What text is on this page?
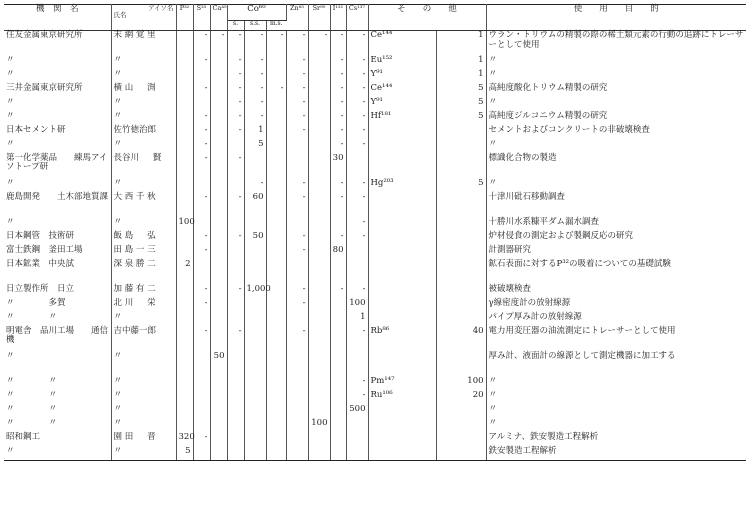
機　関　名	アイソ名
氏名	P³²	S³⁵	Ca⁴⁵	Co⁶⁰			Zn⁶⁵	Sr⁹⁰	I¹³¹	Cs¹³⁷	そ　　の　　他		使　　用　　目　　的
					s.	s.s.	m.s.							
住友金属東京研究所	末 網 覚 里		-	-	-	-	-	-	-	-	-	Ce¹⁴⁴	1	ウラン・トリウムの精製の際の稀土類元素の行動の追跡にトレーサーとして使用
〃	〃		-		-	-		-		-	-	Eu¹⁵²	1	〃
〃	〃				-	-		-		-	-	Y⁹¹	1	〃
三井金属東京研究所	横 山 　 渕		-		-	-	-	-		-	-	Ce¹⁴⁴	5	高純度酸化トリウム精製の研究
〃	〃				-	-		-		-	-	Y⁹¹	5	〃
〃	〃		-		-	-		-		-	-	Hf¹⁸¹	5	高純度ジルコニウム精製の研究
日本セメント研	佐竹徳治郎		-		-	1		-		-	-			セメントおよびコンクリートの非破壊検査
〃	〃		-			5				-	-			〃
第一化学薬品　　練馬アイソトープ研	長谷川 　 賢		-		-					30				標識化合物の製造
〃	〃					-		-		-	-	Hg²⁰³	5	〃
鹿島開発　　土木部地質課	大 西 千 秋		-		-	60		-		-	-			十津川砒石移動調査
〃	〃	100									-			十勝川水系糠平ダム漏水調査
日本鋼管　技術研	飯 島 　 弘		-		-	50		-		-	-			炉材侵食の測定および製鋼反応の研究
富士鉄鋼　釜田工場	田 島 一 三		-					-		80				計測器研究
日本鉱業　中央試	深 泉 勝 二	2												鉱石表面に対するP³²の吸着についての基礎試験
日立製作所　日立	加 藤 有 二		-		-	1,000		-		-	-			被破壊検査
〃　　　　多賀	北 川 　 栄		-					-			100			γ線密度計の放射線源
〃　　　　〃	〃										1			パイプ厚み計の放射線源
明電舎　品川工場　　通信機	吉中藤一郎		-		-			-			-	Rb⁸⁶	40	電力用変圧器の油流測定にトレーサーとして使用
〃	〃			50										厚み計、液面計の線源として測定機器に加工する
〃　　　　〃	〃										-	Pm¹⁴⁷	100	〃
〃　　　　〃	〃										-	Ru¹⁰⁶	20	〃
〃　　　　〃	〃										500			〃
〃　　　　〃	〃								100					〃
昭和鋼工	園 田 　 晋	320	-											アルミナ、鉄安製造工程解析
〃	〃	5												鉄安製造工程解析
